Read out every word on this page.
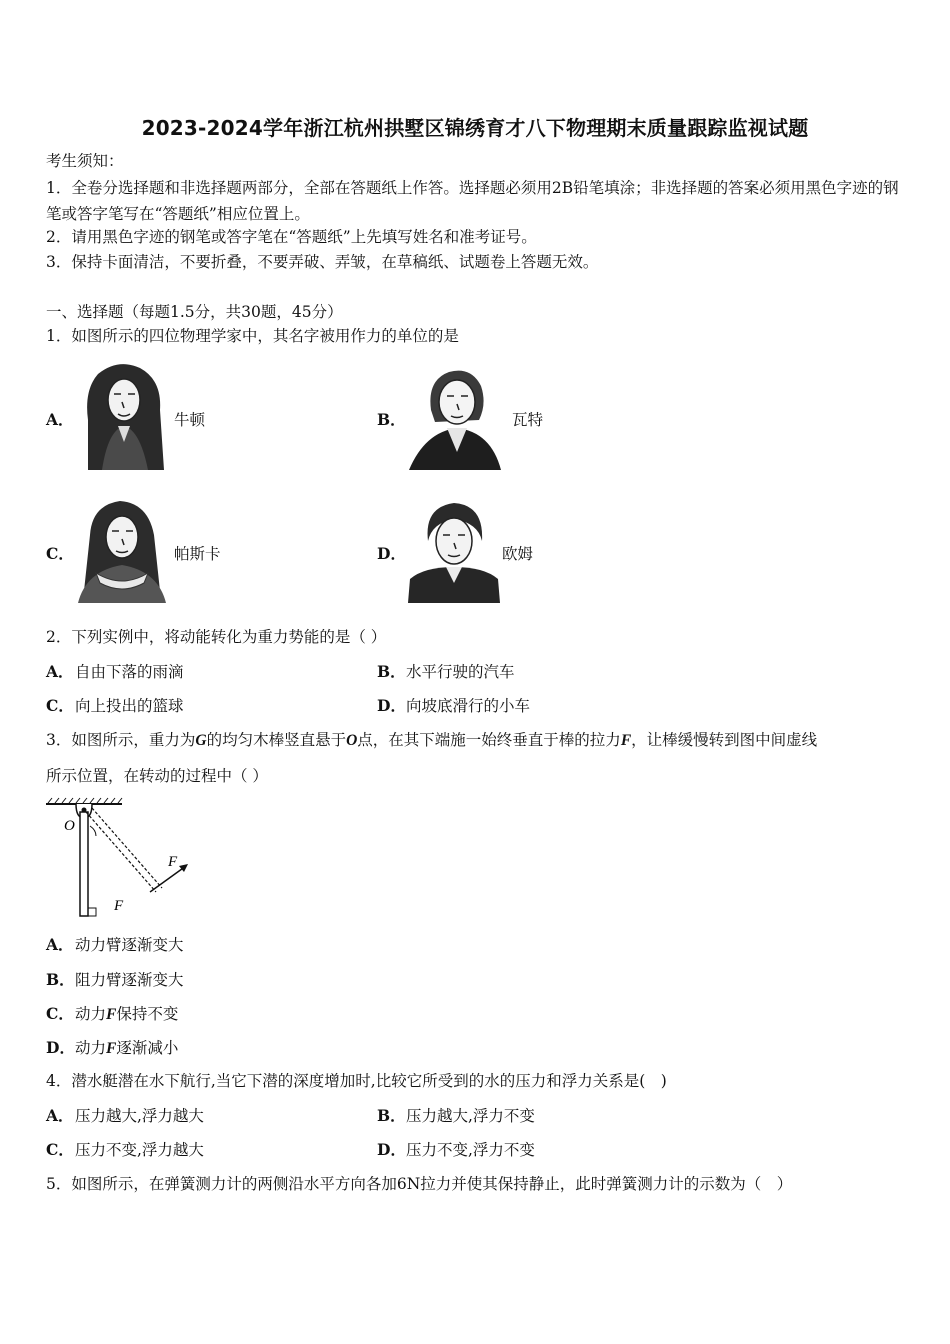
2023-2024学年浙江杭州拱墅区锦绣育才八下物理期末质量跟踪监视试题
考生须知：
1．全卷分选择题和非选择题两部分，全部在答题纸上作答。选择题必须用2B铅笔填涂；非选择题的答案必须用黑色字迹的钢笔或答字笔写在“答题纸”相应位置上。
2．请用黑色字迹的钢笔或答字笔在“答题纸”上先填写姓名和准考证号。
3．保持卡面清洁，不要折叠，不要弄破、弄皱，在草稿纸、试题卷上答题无效。
一、选择题（每题1.5分，共30题，45分）
1．如图所示的四位物理学家中，其名字被用作力的单位的是
A．	牛顿	B．	瓦特
C．	帕斯卡	D．	欧姆
2．下列实例中，将动能转化为重力势能的是（ ）
A． 自由下落的雨滴	B． 水平行驶的汽车
C． 向上投出的篮球	D． 向坡底滑行的小车
3．如图所示，重力为G的均匀木棒竖直悬于O点，在其下端施一始终垂直于棒的拉力F，让棒缓慢转到图中间虚线
所示位置，在转动的过程中（ ）
O
F
F
A． 动力臂逐渐变大
B． 阻力臂逐渐变大
C． 动力F保持不变
D． 动力F逐渐减小
4．潜水艇潜在水下航行,当它下潜的深度增加时,比较它所受到的水的压力和浮力关系是(　)
A． 压力越大,浮力越大	B． 压力越大,浮力不变
C． 压力不变,浮力越大	D． 压力不变,浮力不变
5．如图所示，在弹簧测力计的两侧沿水平方向各加6N拉力并使其保持静止，此时弹簧测力计的示数为（　）
